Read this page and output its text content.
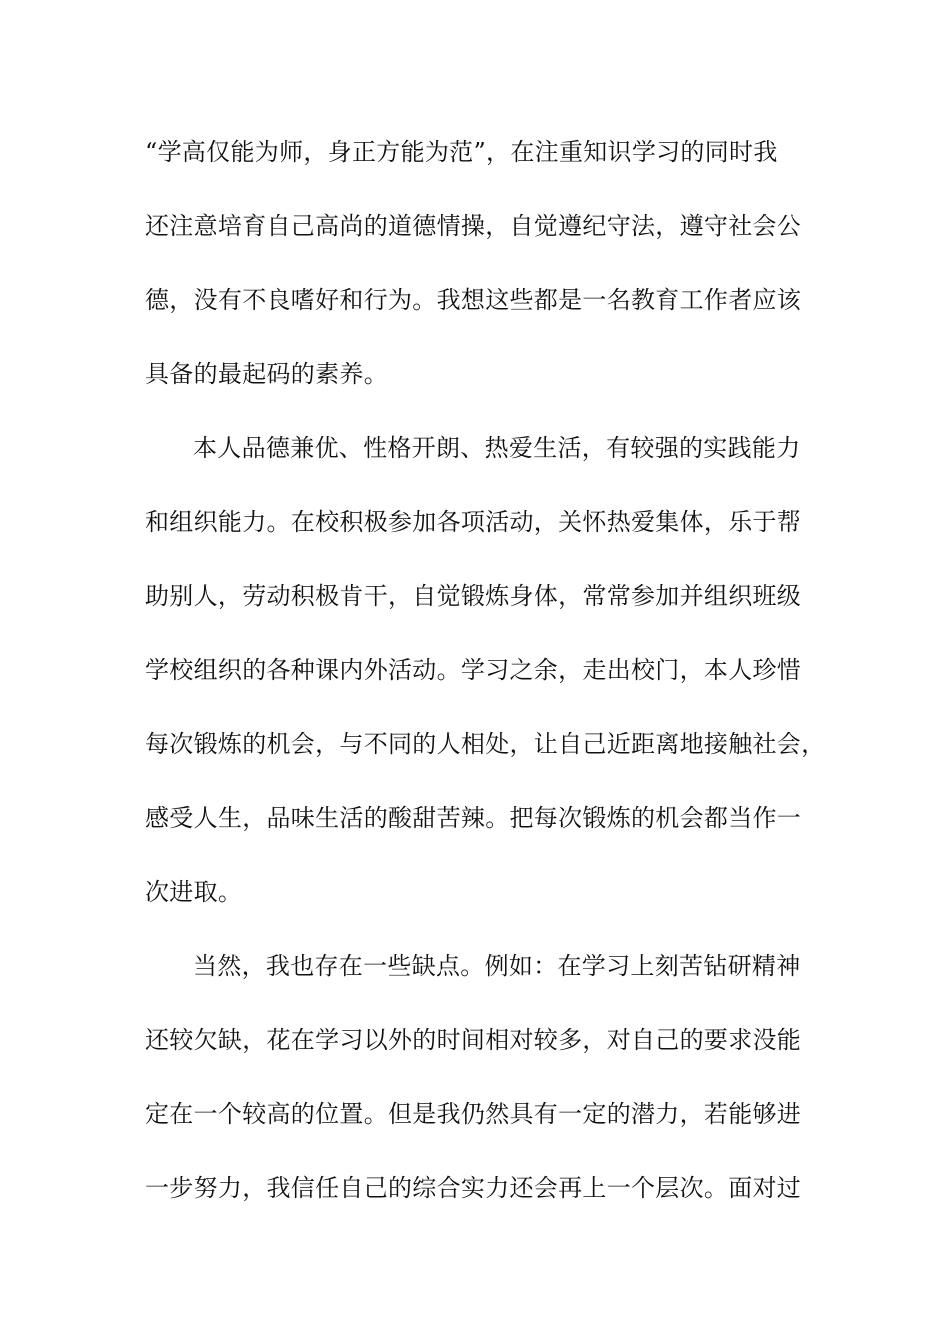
“学高仅能为师，身正方能为范”，在注重知识学习的同时我
还注意培育自己高尚的道德情操，自觉遵纪守法，遵守社会公
德，没有不良嗜好和行为。我想这些都是一名教育工作者应该
具备的最起码的素养。
本人品德兼优、性格开朗、热爱生活，有较强的实践能力
和组织能力。在校积极参加各项活动，关怀热爱集体，乐于帮
助别人，劳动积极肯干，自觉锻炼身体，常常参加并组织班级
学校组织的各种课内外活动。学习之余，走出校门，本人珍惜
每次锻炼的机会，与不同的人相处，让自己近距离地接触社会，
感受人生，品味生活的酸甜苦辣。把每次锻炼的机会都当作一
次进取。
当然，我也存在一些缺点。例如：在学习上刻苦钻研精神
还较欠缺，花在学习以外的时间相对较多，对自己的要求没能
定在一个较高的位置。但是我仍然具有一定的潜力，若能够进
一步努力，我信任自己的综合实力还会再上一个层次。面对过
